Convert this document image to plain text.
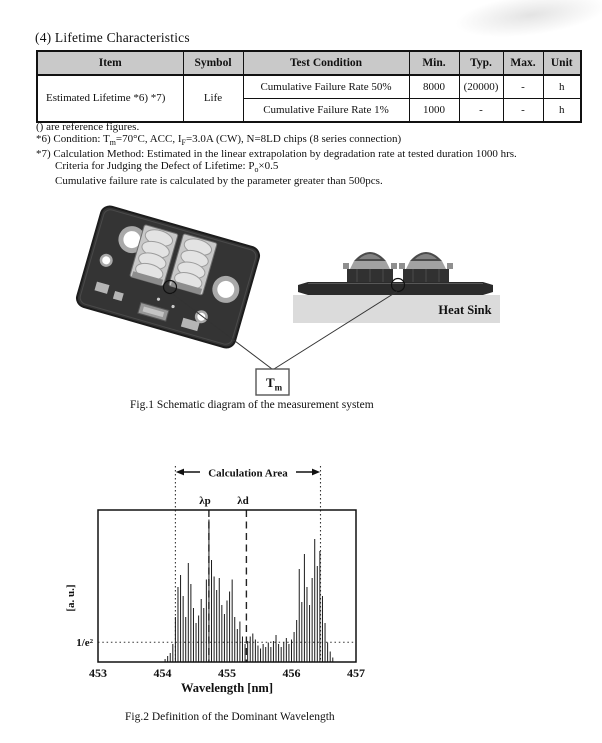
(4) Lifetime Characteristics
Item	Symbol	Test Condition	Min.	Typ.	Max.	Unit
Estimated Lifetime *6) *7)	Life	Cumulative Failure Rate 50%	8000	(20000)	-	h
		Cumulative Failure Rate 1%	1000	-	-	h
() are reference figures.
*6) Condition: $T_m=70^\circ C$, ACC, $I_F=3.0A$ (CW), N=8LD chips (8 series connection)
*7) Calculation Method: Estimated in the linear extrapolation by degradation rate at tested duration 1000 hrs.
Criteria for Judging the Defect of Lifetime: $P_o\times 0.5$
Cumulative failure rate is calculated by the parameter greater than 500pcs.
Heat Sink
$T_m$
Fig.1 Schematic diagram of the measurement system
Calculation Area
λp λd
1/e²
453	454	455	456	457
Wavelength [nm]
[a. u.]
Fig.2 Definition of the Dominant Wavelength
